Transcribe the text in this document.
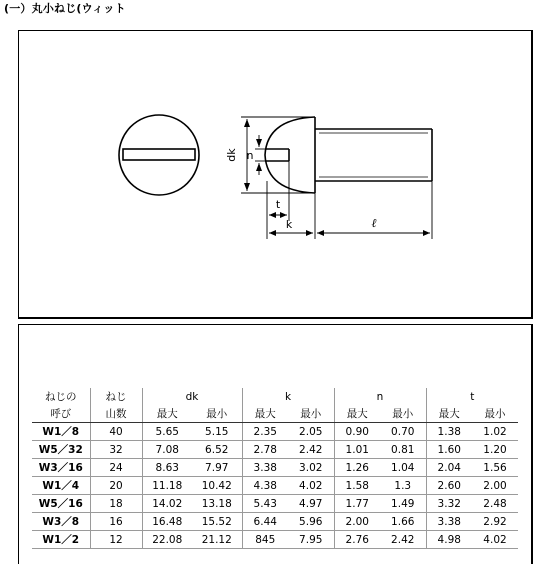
(一）丸小ねじ(ウィット
dk n
t
k	ℓ
ねじの	ねじ	dk		k		n		t	
呼び	山数	最大	最小	最大	最小	最大	最小	最大	最小
W1／8	40	5.65	5.15	2.35	2.05	0.90	0.70	1.38	1.02
W5／32	32	7.08	6.52	2.78	2.42	1.01	0.81	1.60	1.20
W3／16	24	8.63	7.97	3.38	3.02	1.26	1.04	2.04	1.56
W1／4	20	11.18	10.42	4.38	4.02	1.58	1.3	2.60	2.00
W5／16	18	14.02	13.18	5.43	4.97	1.77	1.49	3.32	2.48
W3／8	16	16.48	15.52	6.44	5.96	2.00	1.66	3.38	2.92
W1／2	12	22.08	21.12	845	7.95	2.76	2.42	4.98	4.02
